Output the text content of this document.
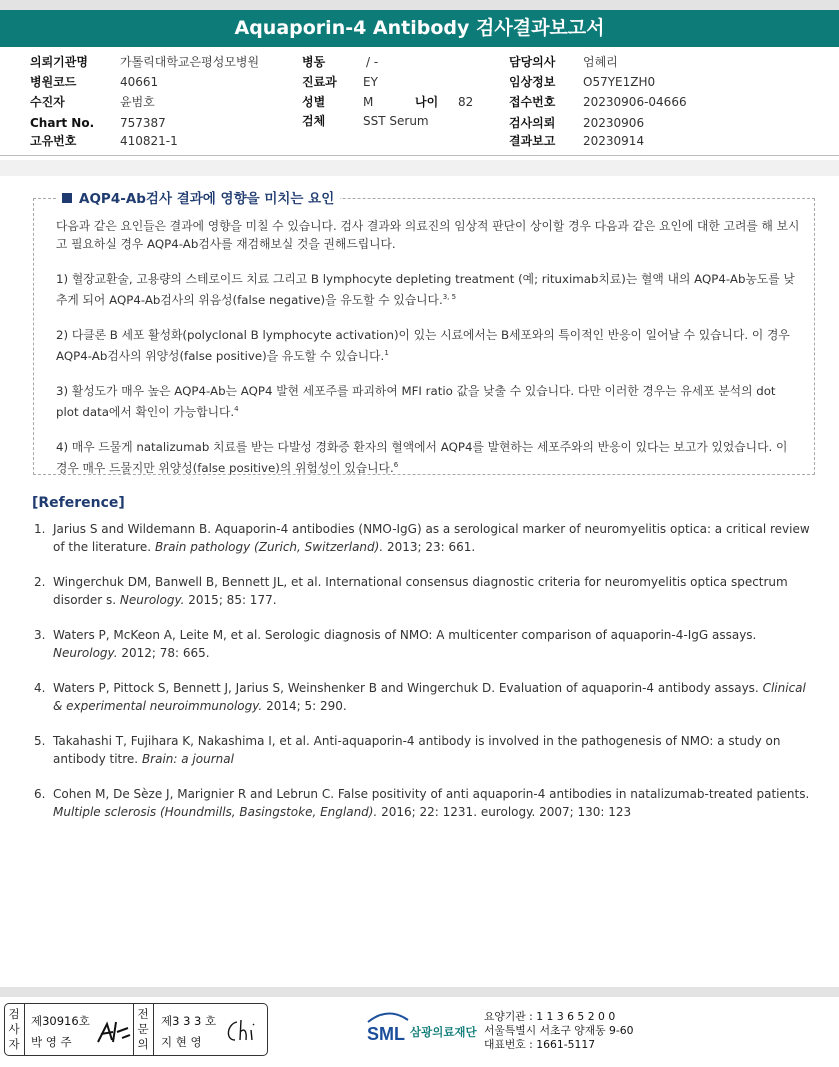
Aquaporin-4 Antibody 검사결과보고서
의뢰기관명	가톨릭대학교은평성모병원
병원코드	40661
수진자	윤범호
Chart No. 757387
고유번호	410821-1
병동	/ -
진료과 EY
성별	M	나이 82
검체	SST Serum
담당의사 엄혜리
임상정보 O57YE1ZH0
접수번호 20230906-04666
검사의뢰 20230906
결과보고 20230914
AQP4-Ab검사 결과에 영향을 미치는 요인

다음과 같은 요인들은 결과에 영향을 미칠 수 있습니다. 검사 결과와 의료진의 임상적 판단이 상이할 경우 다음과 같은 요인에 대한 고려를 해 보시고 필요하실 경우 AQP4-Ab검사를 재검해보실 것을 권해드립니다.

1) 혈장교환술, 고용량의 스테로이드 치료 그리고 B lymphocyte depleting treatment (예; rituximab치료)는 혈액 내의 AQP4-Ab농도를 낮추게 되어 AQP4-Ab검사의 위음성(false negative)을 유도할 수 있습니다.$^{3, 5}$

2) 다클론 B 세포 활성화(polyclonal B lymphocyte activation)이 있는 시료에서는 B세포와의 특이적인 반응이 일어날 수 있습니다. 이 경우 AQP4-Ab검사의 위양성(false positive)을 유도할 수 있습니다.$^1$

3) 활성도가 매우 높은 AQP4-Ab는 AQP4 발현 세포주를 파괴하여 MFI ratio 값을 낮출 수 있습니다. 다만 이러한 경우는 유세포 분석의 dot plot data에서 확인이 가능합니다.$^4$

4) 매우 드물게 natalizumab 치료를 받는 다발성 경화증 환자의 혈액에서 AQP4를 발현하는 세포주와의 반응이 있다는 보고가 있었습니다. 이 경우 매우 드물지만 위양성(false positive)의 위험성이 있습니다.$^6$

[Reference]
1. Jarius S and Wildemann B. Aquaporin-4 antibodies (NMO-IgG) as a serological marker of neuromyelitis optica: a critical review of the literature. Brain pathology (Zurich, Switzerland). 2013; 23: 661.
2. Wingerchuk DM, Banwell B, Bennett JL, et al. International consensus diagnostic criteria for neuromyelitis optica spectrum disorder s. Neurology. 2015; 85: 177.
3. Waters P, McKeon A, Leite M, et al. Serologic diagnosis of NMO: A multicenter comparison of aquaporin-4-IgG assays. Neurology. 2012; 78: 665.
4. Waters P, Pittock S, Bennett J, Jarius S, Weinshenker B and Wingerchuk D. Evaluation of aquaporin-4 antibody assays. Clinical & experimental neuroimmunology. 2014; 5: 290.
5. Takahashi T, Fujihara K, Nakashima I, et al. Anti-aquaporin-4 antibody is involved in the pathogenesis of NMO: a study on antibody titre. Brain: a journal
6. Cohen M, De Sèze J, Marignier R and Lebrun C. False positivity of anti aquaporin-4 antibodies in natalizumab-treated patients. Multiple sclerosis (Houndmills, Basingstoke, England). 2016; 22: 1231. eurology. 2007; 130: 123
검사자
제30916호
박 영 주
전문의
제3 3 3 호
지 현 영	SML 삼광의료재단
요양기관 : 1 1 3 6 5 2 0 0
서울특별시 서초구 양재동 9-60
대표번호 : 1661-5117
